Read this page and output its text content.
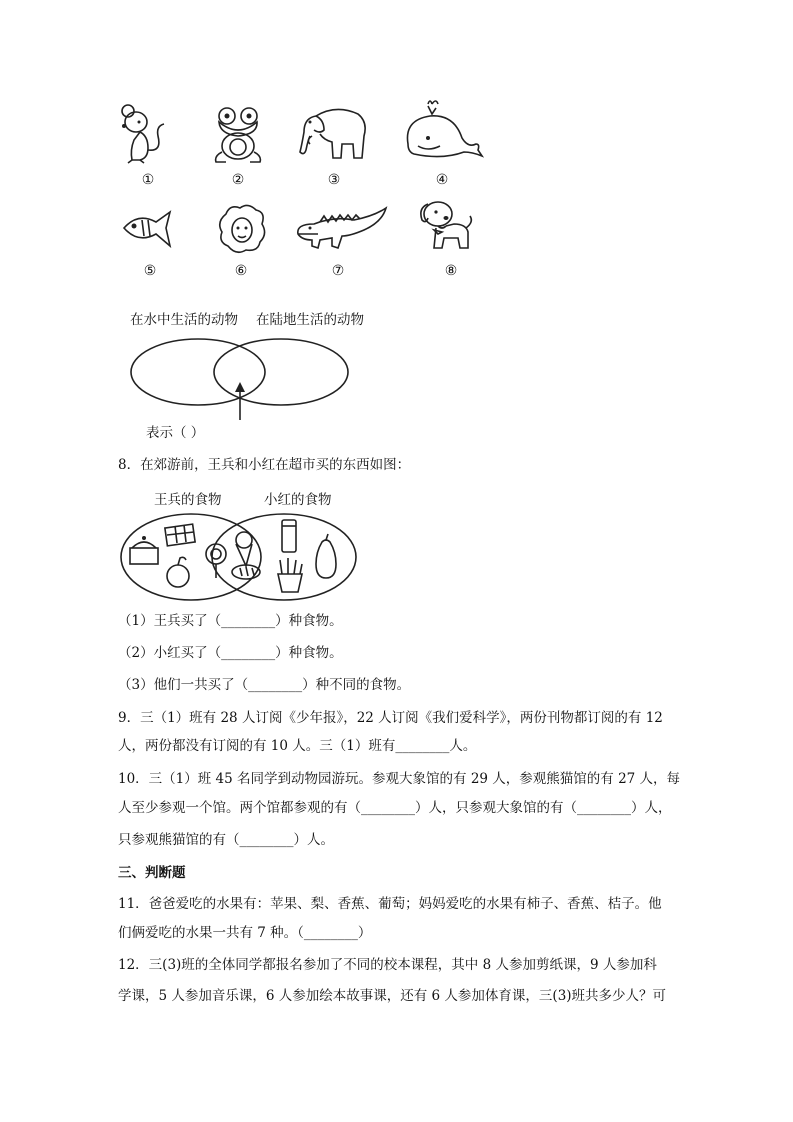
①	②	③	④
⑤	⑥	⑦	⑧
在水中生活的动物 在陆地生活的动物
表示（ ）
8．在郊游前，王兵和小红在超市买的东西如图：
王兵的食物	小红的食物
（1）王兵买了（________）种食物。
（2）小红买了（________）种食物。
（3）他们一共买了（________）种不同的食物。
9．三（1）班有 28 人订阅《少年报》，22 人订阅《我们爱科学》，两份刊物都订阅的有 12
人，两份都没有订阅的有 10 人。三（1）班有________人。
10．三（1）班 45 名同学到动物园游玩。参观大象馆的有 29 人，参观熊猫馆的有 27 人，每
人至少参观一个馆。两个馆都参观的有（________）人，只参观大象馆的有（________）人，
只参观熊猫馆的有（________）人。
三、判断题
11．爸爸爱吃的水果有：苹果、梨、香蕉、葡萄；妈妈爱吃的水果有柿子、香蕉、桔子。他
们俩爱吃的水果一共有 7 种。（________）
12．三(3)班的全体同学都报名参加了不同的校本课程，其中 8 人参加剪纸课，9 人参加科
学课，5 人参加音乐课，6 人参加绘本故事课，还有 6 人参加体育课，三(3)班共多少人？可
